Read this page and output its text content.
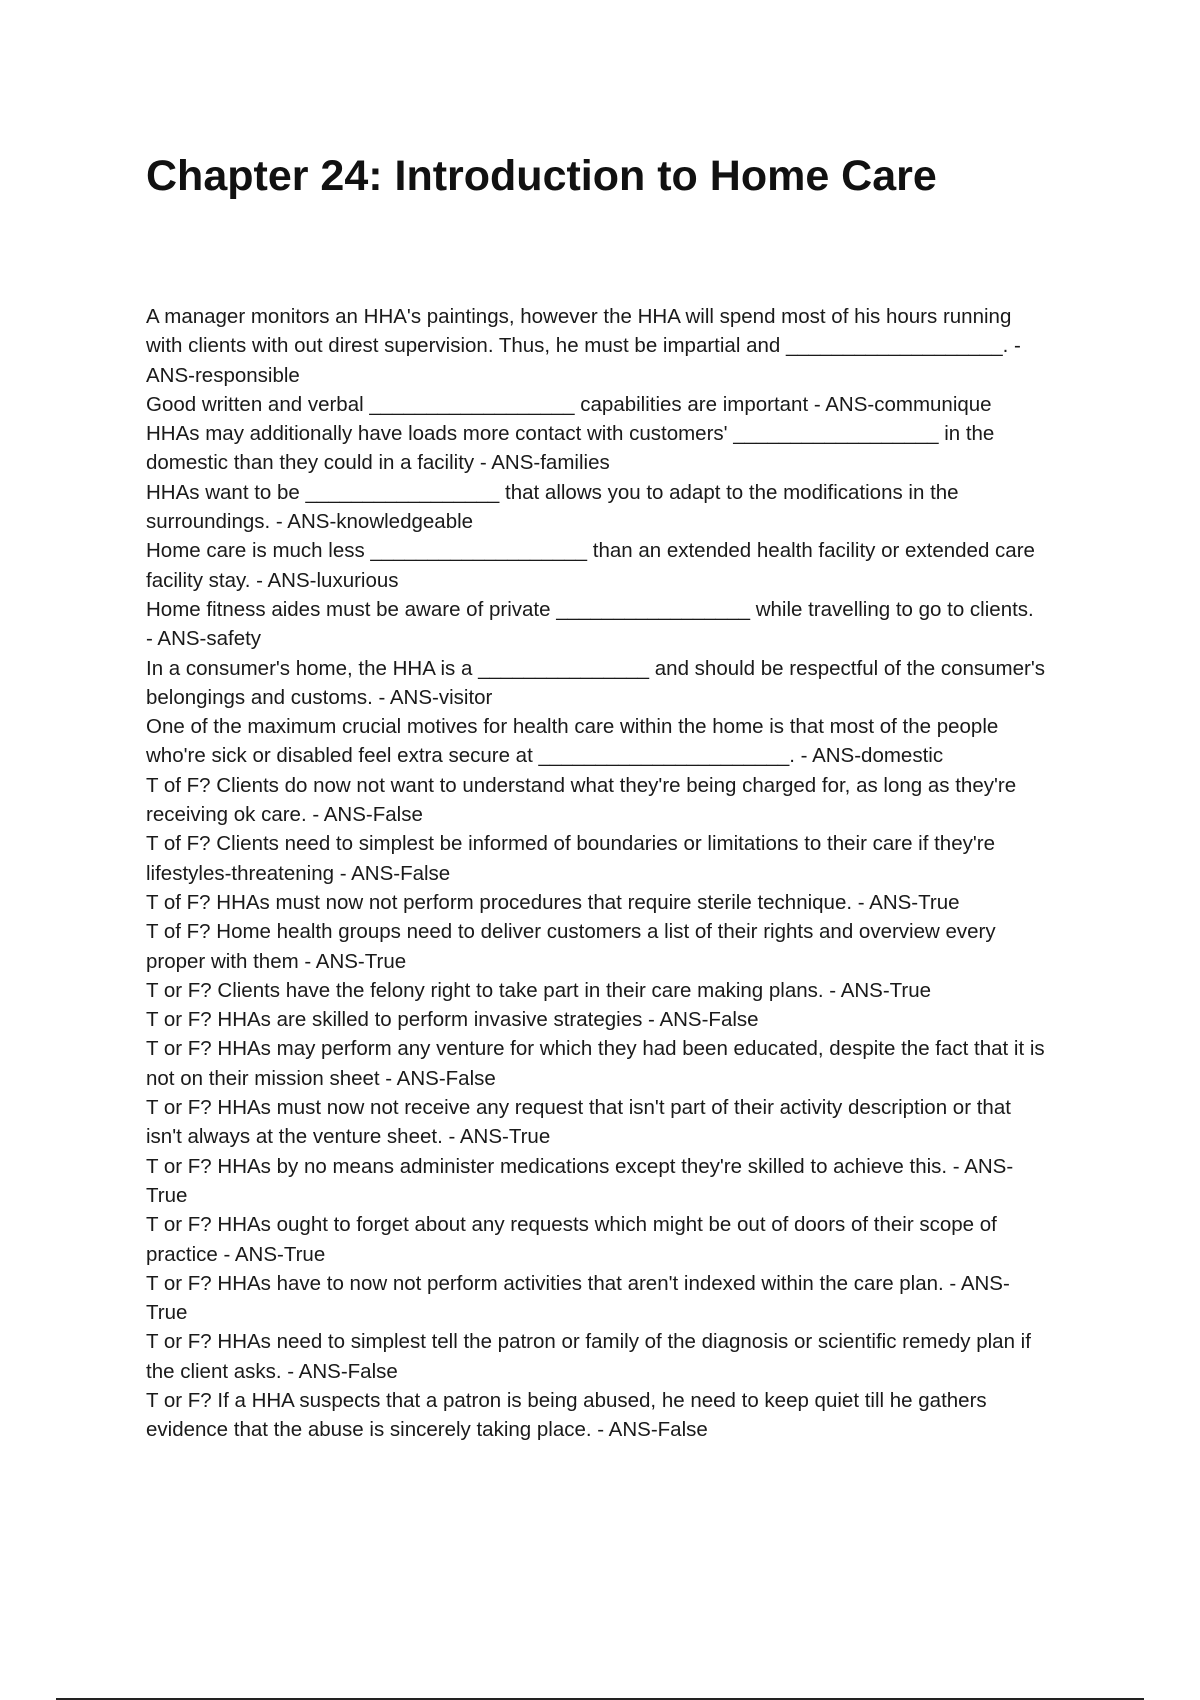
Chapter 24: Introduction to Home Care

A manager monitors an HHA's paintings, however the HHA will spend most of his hours running with clients with out direst supervision. Thus, he must be impartial and ___________________. - ANS-responsible

Good written and verbal __________________ capabilities are important - ANS-communique

HHAs may additionally have loads more contact with customers' __________________ in the domestic than they could in a facility - ANS-families

HHAs want to be _________________ that allows you to adapt to the modifications in the surroundings. - ANS-knowledgeable

Home care is much less ___________________ than an extended health facility or extended care facility stay. - ANS-luxurious

Home fitness aides must be aware of private _________________ while travelling to go to clients. - ANS-safety

In a consumer's home, the HHA is a _______________ and should be respectful of the consumer's belongings and customs. - ANS-visitor

One of the maximum crucial motives for health care within the home is that most of the people who're sick or disabled feel extra secure at ______________________. - ANS-domestic

T of F? Clients do now not want to understand what they're being charged for, as long as they're receiving ok care. - ANS-False

T of F? Clients need to simplest be informed of boundaries or limitations to their care if they're lifestyles-threatening - ANS-False

T of F? HHAs must now not perform procedures that require sterile technique. - ANS-True

T of F? Home health groups need to deliver customers a list of their rights and overview every proper with them - ANS-True

T or F? Clients have the felony right to take part in their care making plans. - ANS-True

T or F? HHAs are skilled to perform invasive strategies - ANS-False

T or F? HHAs may perform any venture for which they had been educated, despite the fact that it is not on their mission sheet - ANS-False

T or F? HHAs must now not receive any request that isn't part of their activity description or that isn't always at the venture sheet. - ANS-True

T or F? HHAs by no means administer medications except they're skilled to achieve this. - ANS-True

T or F? HHAs ought to forget about any requests which might be out of doors of their scope of practice - ANS-True

T or F? HHAs have to now not perform activities that aren't indexed within the care plan. - ANS-True

T or F? HHAs need to simplest tell the patron or family of the diagnosis or scientific remedy plan if the client asks. - ANS-False

T or F? If a HHA suspects that a patron is being abused, he need to keep quiet till he gathers evidence that the abuse is sincerely taking place. - ANS-False
